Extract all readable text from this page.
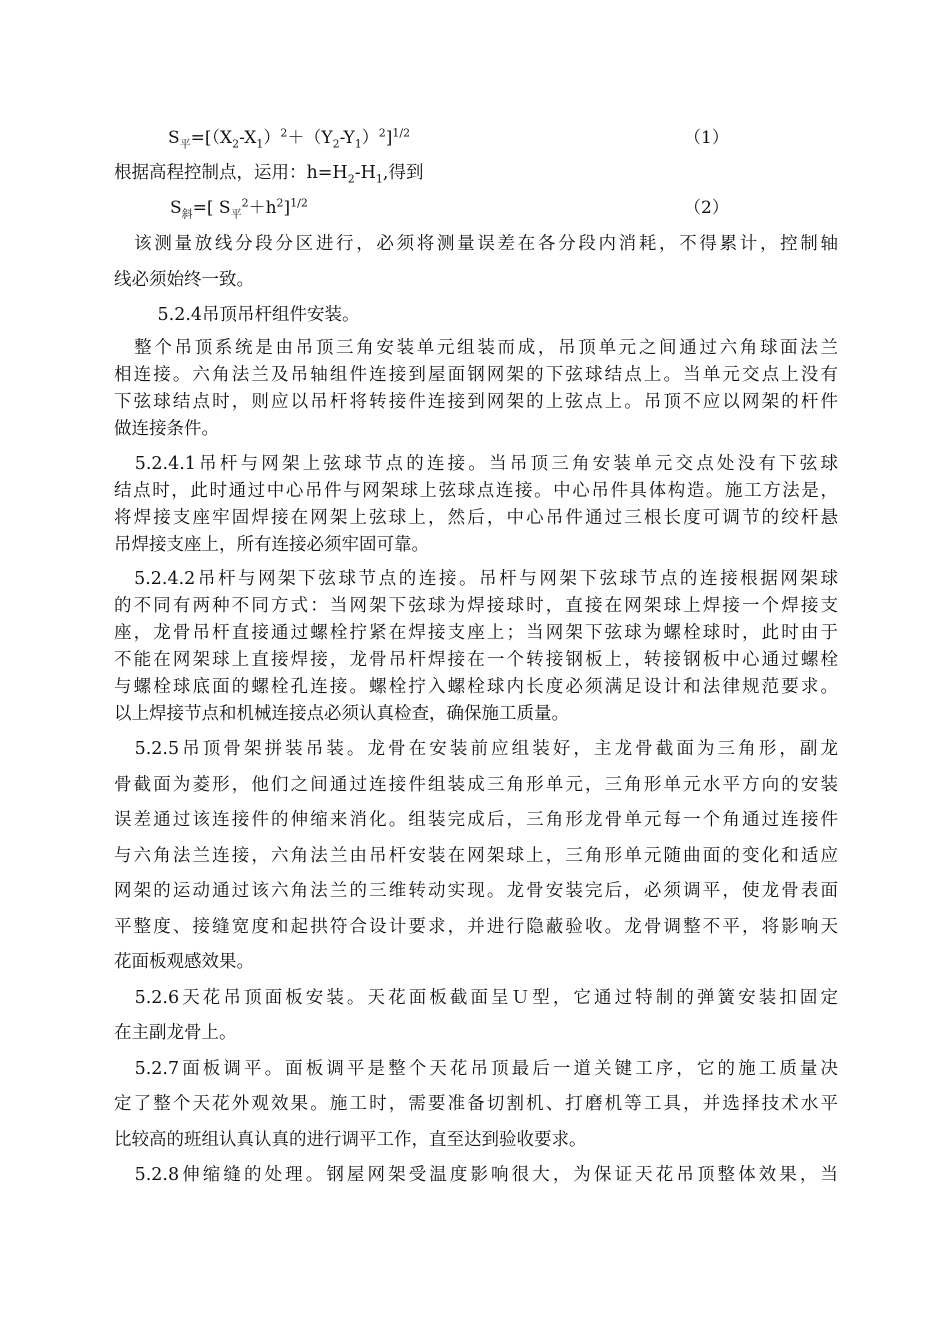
$S_平=[(X_2-X_1)^2+(Y_2-Y_1)^2]^{1/2}$	（1）
根据高程控制点，运用：$h=H_2-H_1$,得到
$S_斜=$[ $S_平^2+h^2]^{1/2}$	（2）
　该测量放线分段分区进行，必须将测量误差在各分段内消耗，不得累计，控制轴
线必须始终一致。
　5.2.4吊顶吊杆组件安装。
　整个吊顶系统是由吊顶三角安装单元组装而成，吊顶单元之间通过六角球面法兰
相连接。六角法兰及吊轴组件连接到屋面钢网架的下弦球结点上。当单元交点上没有
下弦球结点时，则应以吊杆将转接件连接到网架的上弦点上。吊顶不应以网架的杆件
做连接条件。
　5.2.4.1吊杆与网架上弦球节点的连接。当吊顶三角安装单元交点处没有下弦球
结点时，此时通过中心吊件与网架球上弦球点连接。中心吊件具体构造。施工方法是，
将焊接支座牢固焊接在网架上弦球上，然后，中心吊件通过三根长度可调节的绞杆悬
吊焊接支座上，所有连接必须牢固可靠。
　5.2.4.2吊杆与网架下弦球节点的连接。吊杆与网架下弦球节点的连接根据网架球
的不同有两种不同方式：当网架下弦球为焊接球时，直接在网架球上焊接一个焊接支
座，龙骨吊杆直接通过螺栓拧紧在焊接支座上；当网架下弦球为螺栓球时，此时由于
不能在网架球上直接焊接，龙骨吊杆焊接在一个转接钢板上，转接钢板中心通过螺栓
与螺栓球底面的螺栓孔连接。螺栓拧入螺栓球内长度必须满足设计和法律规范要求。
以上焊接节点和机械连接点必须认真检查，确保施工质量。
　5.2.5吊顶骨架拼装吊装。龙骨在安装前应组装好，主龙骨截面为三角形，副龙
骨截面为菱形，他们之间通过连接件组装成三角形单元，三角形单元水平方向的安装
误差通过该连接件的伸缩来消化。组装完成后，三角形龙骨单元每一个角通过连接件
与六角法兰连接，六角法兰由吊杆安装在网架球上，三角形单元随曲面的变化和适应
网架的运动通过该六角法兰的三维转动实现。龙骨安装完后，必须调平，使龙骨表面
平整度、接缝宽度和起拱符合设计要求，并进行隐蔽验收。龙骨调整不平，将影响天
花面板观感效果。
　5.2.6天花吊顶面板安装。天花面板截面呈Ｕ型，它通过特制的弹簧安装扣固定
在主副龙骨上。
　5.2.7面板调平。面板调平是整个天花吊顶最后一道关键工序，它的施工质量决
定了整个天花外观效果。施工时，需要准备切割机、打磨机等工具，并选择技术水平
比较高的班组认真认真的进行调平工作，直至达到验收要求。
　5.2.8伸缩缝的处理。钢屋网架受温度影响很大，为保证天花吊顶整体效果，当
